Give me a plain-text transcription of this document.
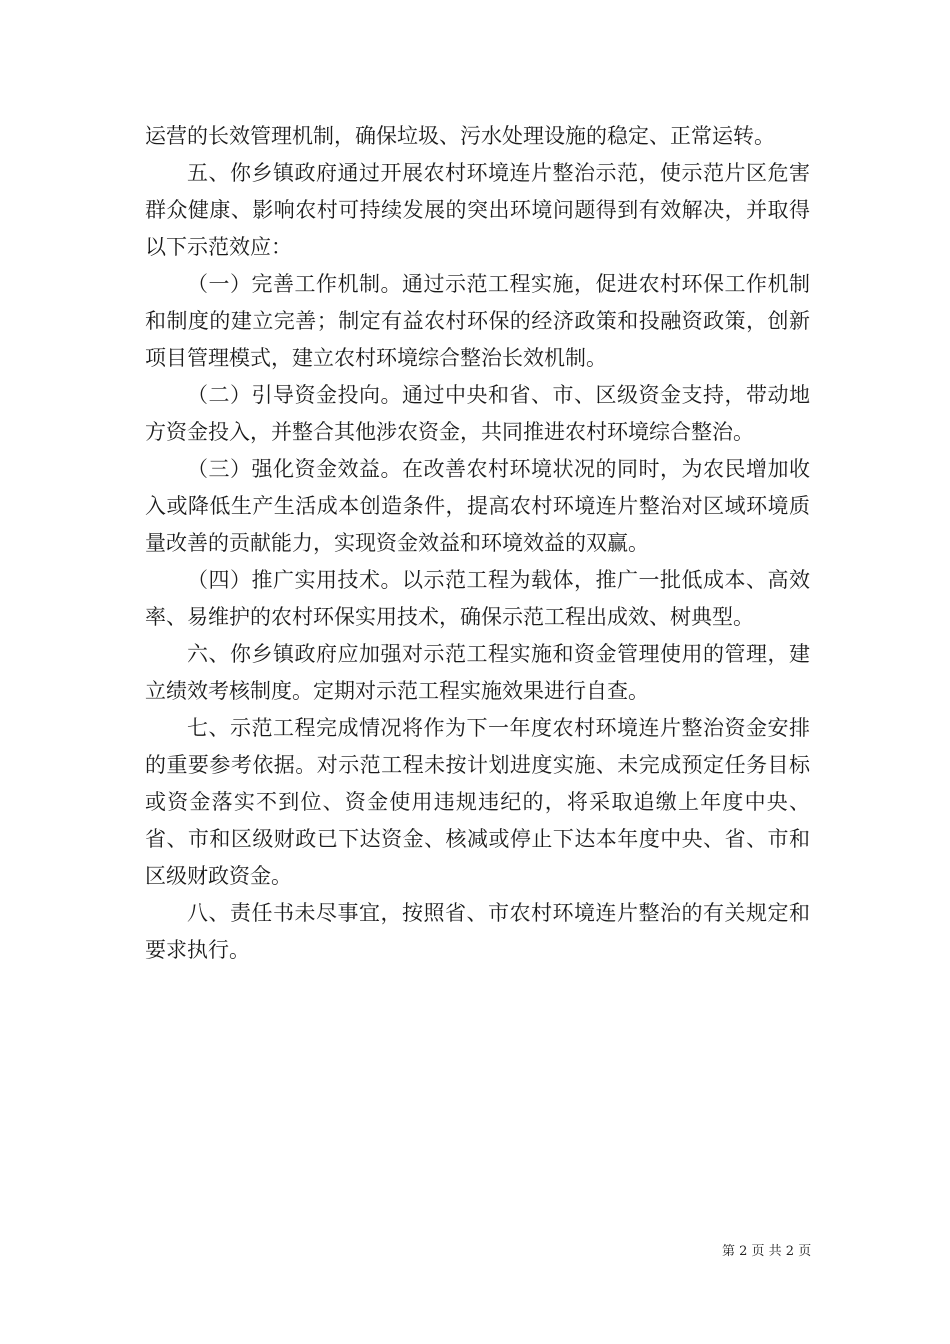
运营的长效管理机制，确保垃圾、污水处理设施的稳定、正常运转。

五、你乡镇政府通过开展农村环境连片整治示范，使示范片区危害群众健康、影响农村可持续发展的突出环境问题得到有效解决，并取得以下示范效应：

（一）完善工作机制。通过示范工程实施，促进农村环保工作机制和制度的建立完善；制定有益农村环保的经济政策和投融资政策，创新项目管理模式，建立农村环境综合整治长效机制。

（二）引导资金投向。通过中央和省、市、区级资金支持，带动地方资金投入，并整合其他涉农资金，共同推进农村环境综合整治。

（三）强化资金效益。在改善农村环境状况的同时，为农民增加收入或降低生产生活成本创造条件，提高农村环境连片整治对区域环境质量改善的贡献能力，实现资金效益和环境效益的双赢。

（四）推广实用技术。以示范工程为载体，推广一批低成本、高效率、易维护的农村环保实用技术，确保示范工程出成效、树典型。

六、你乡镇政府应加强对示范工程实施和资金管理使用的管理，建立绩效考核制度。定期对示范工程实施效果进行自查。

七、示范工程完成情况将作为下一年度农村环境连片整治资金安排的重要参考依据。对示范工程未按计划进度实施、未完成预定任务目标或资金落实不到位、资金使用违规违纪的，将采取追缴上年度中央、省、市和区级财政已下达资金、核减或停止下达本年度中央、省、市和区级财政资金。

八、责任书未尽事宜，按照省、市农村环境连片整治的有关规定和要求执行。

第 2 页 共 2 页
